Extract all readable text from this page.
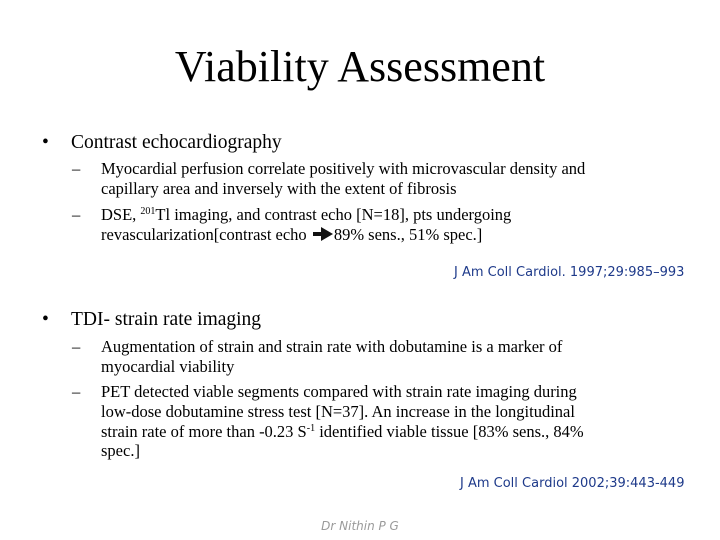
Viability Assessment
•	Contrast echocardiography
– Myocardial perfusion correlate positively with microvascular density and
capillary area and inversely with the extent of fibrosis
– DSE, $^{201}$Tl imaging, and contrast echo [N=18], pts undergoing
revascularization[contrast echo 89% sens., 51% spec.]
J Am Coll Cardiol. 1997;29:985–993
•	TDI- strain rate imaging
– Augmentation of strain and strain rate with dobutamine is a marker of
myocardial viability
– PET detected viable segments compared with strain rate imaging during
low-dose dobutamine stress test [N=37]. An increase in the longitudinal
strain rate of more than -0.23 $S^{-1}$ identified viable tissue [83% sens., 84%
spec.]
J Am Coll Cardiol 2002;39:443-449
Dr Nithin P G
